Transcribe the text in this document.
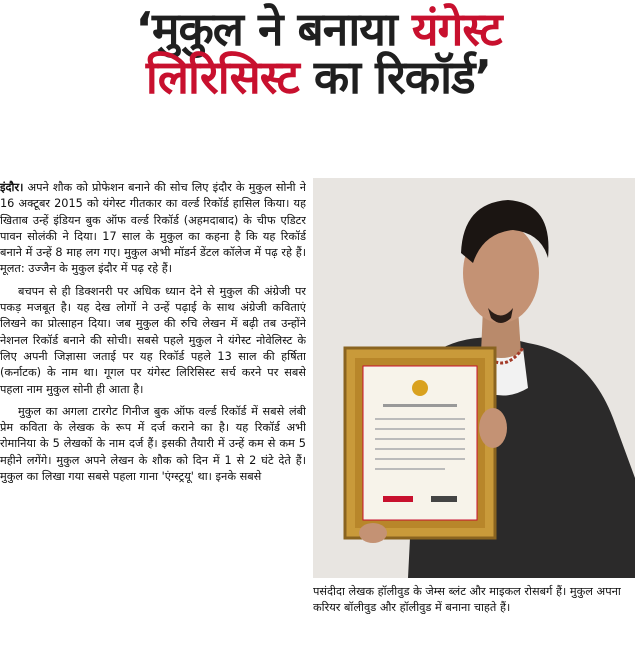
‘मुकुल ने बनाया यंगेस्ट
लिरिसिस्ट का रिकॉर्ड’

इंदौर। अपने शौक को प्रोफेशन बनाने की सोच लिए इंदौर के मुकुल सोनी ने 16 अक्टूबर 2015 को यंगेस्ट गीतकार का वर्ल्ड रिकॉर्ड हासिल किया। यह खिताब उन्हें इंडियन बुक ऑफ वर्ल्ड रिकॉर्ड (अहमदाबाद) के चीफ एडिटर पावन सोलंकी ने दिया। 17 साल के मुकुल का कहना है कि यह रिकॉर्ड बनाने में उन्हें 8 माह लग गए। मुकुल अभी मॉडर्न डेंटल कॉलेज में पढ़ रहे हैं। मूलत: उज्जैन के मुकुल इंदौर में पढ़ रहे हैं।

बचपन से ही डिक्शनरी पर अधिक ध्यान देने से मुकुल की अंग्रेजी पर पकड़ मजबूत है। यह देख लोगों ने उन्हें पढ़ाई के साथ अंग्रेजी कविताएं लिखने का प्रोत्साहन दिया। जब मुकुल की रुचि लेखन में बढ़ी तब उन्होंने नेशनल रिकॉर्ड बनाने की सोची। सबसे पहले मुकुल ने यंगेस्ट नोवेलिस्ट के लिए अपनी जिज्ञासा जताई पर यह रिकॉर्ड पहले 13 साल की हर्षिता (कर्नाटक) के नाम था। गूगल पर यंगेस्ट लिरिसिस्ट सर्च करने पर सबसे पहला नाम मुकुल सोनी ही आता है।

मुकुल का अगला टारगेट गिनीज बुक ऑफ वर्ल्ड रिकॉर्ड में सबसे लंबी प्रेम कविता के लेखक के रूप में दर्ज कराने का है। यह रिकॉर्ड अभी रोमानिया के 5 लेखकों के नाम दर्ज हैं। इसकी तैयारी में उन्हें कम से कम 5 महीने लगेंगे। मुकुल अपने लेखन के शौक को दिन में 1 से 2 घंटे देते हैं। मुकुल का लिखा गया सबसे पहला गाना 'एंग्स्ट्रयू' था। इनके सबसे

पसंदीदा लेखक हॉलीवुड के जेम्स ब्लंट और माइकल रोसबर्ग हैं। मुकुल अपना करियर बॉलीवुड और हॉलीवुड में बनाना चाहते हैं।
